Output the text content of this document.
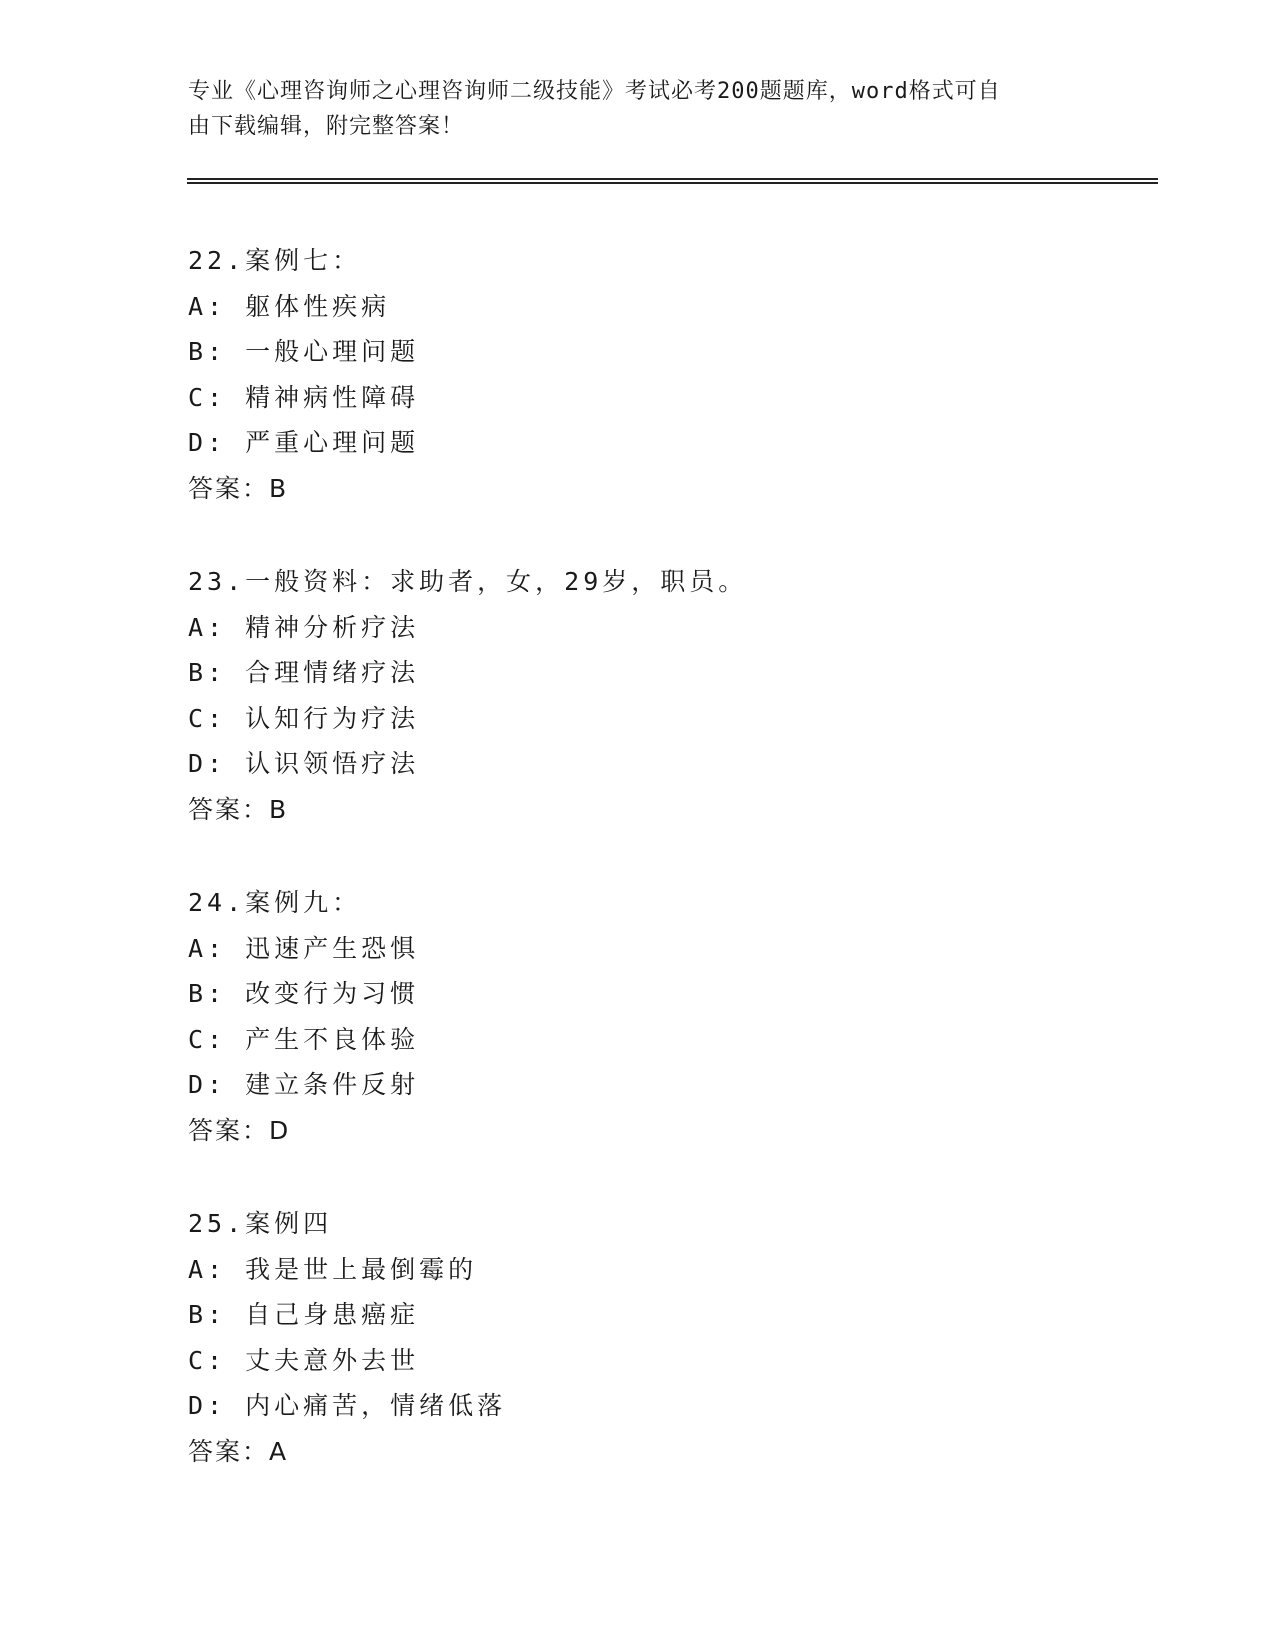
专业《心理咨询师之心理咨询师二级技能》考试必考200题题库，word格式可自
由下载编辑，附完整答案！
22.案例七：
A: 躯体性疾病
B: 一般心理问题
C: 精神病性障碍
D: 严重心理问题
答案：B
23.一般资料：求助者，女，29岁，职员。
A: 精神分析疗法
B: 合理情绪疗法
C: 认知行为疗法
D: 认识领悟疗法
答案：B
24.案例九：
A: 迅速产生恐惧
B: 改变行为习惯
C: 产生不良体验
D: 建立条件反射
答案：D
25.案例四
A: 我是世上最倒霉的
B: 自己身患癌症
C: 丈夫意外去世
D: 内心痛苦，情绪低落
答案：A
